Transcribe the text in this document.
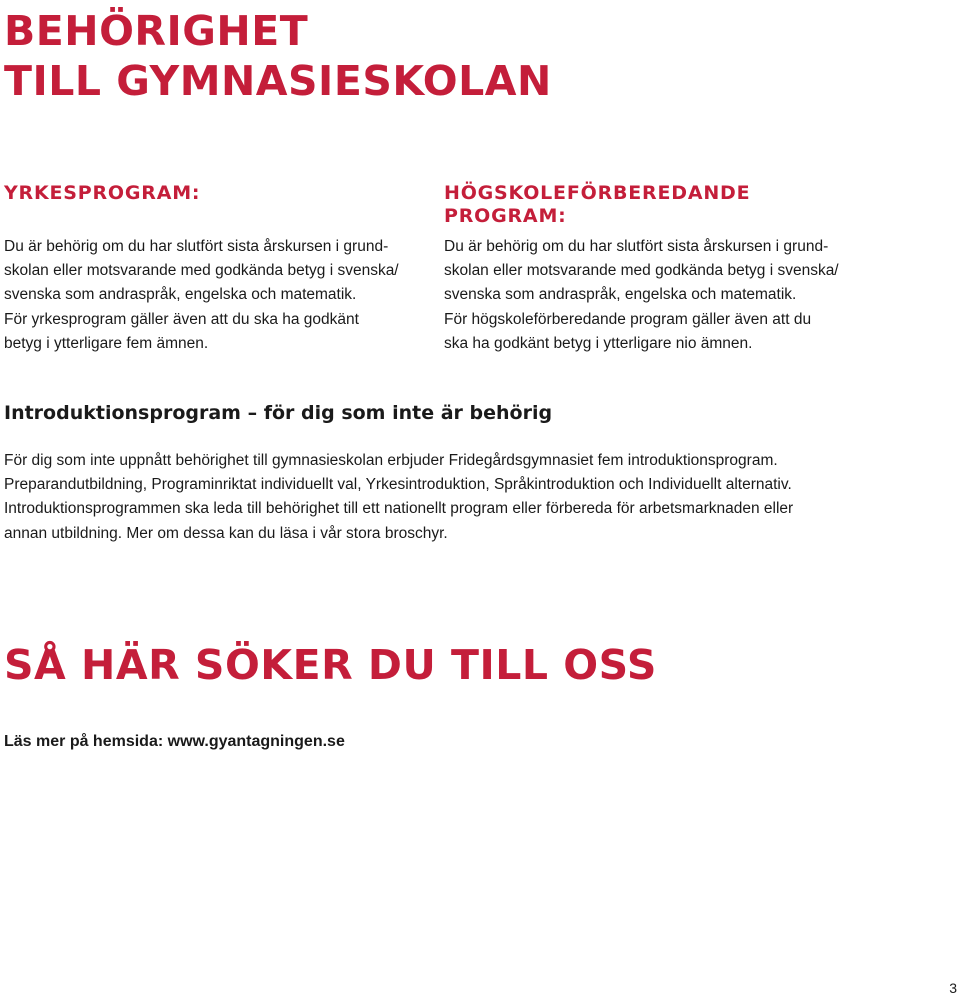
BEHÖRIGHET
TILL GYMNASIESKOLAN
YRKESPROGRAM:

Du är behörig om du har slutfört sista årskursen i grund-
skolan eller motsvarande med godkända betyg i svenska/
svenska som andraspråk, engelska och matematik.
För yrkesprogram gäller även att du ska ha godkänt
betyg i ytterligare fem ämnen.

HÖGSKOLEFÖRBEREDANDE
PROGRAM:

Du är behörig om du har slutfört sista årskursen i grund-
skolan eller motsvarande med godkända betyg i svenska/
svenska som andraspråk, engelska och matematik.
För högskoleförberedande program gäller även att du
ska ha godkänt betyg i ytterligare nio ämnen.

Introduktionsprogram – för dig som inte är behörig

För dig som inte uppnått behörighet till gymnasieskolan erbjuder Fridegårdsgymnasiet fem introduktionsprogram.
Preparandutbildning, Programinriktat individuellt val, Yrkesintroduktion, Språkintroduktion och Individuellt alternativ.
Introduktionsprogrammen ska leda till behörighet till ett nationellt program eller förbereda för arbetsmarknaden eller
annan utbildning. Mer om dessa kan du läsa i vår stora broschyr.

SÅ HÄR SÖKER DU TILL OSS

Läs mer på hemsida: www.gyantagningen.se

3
